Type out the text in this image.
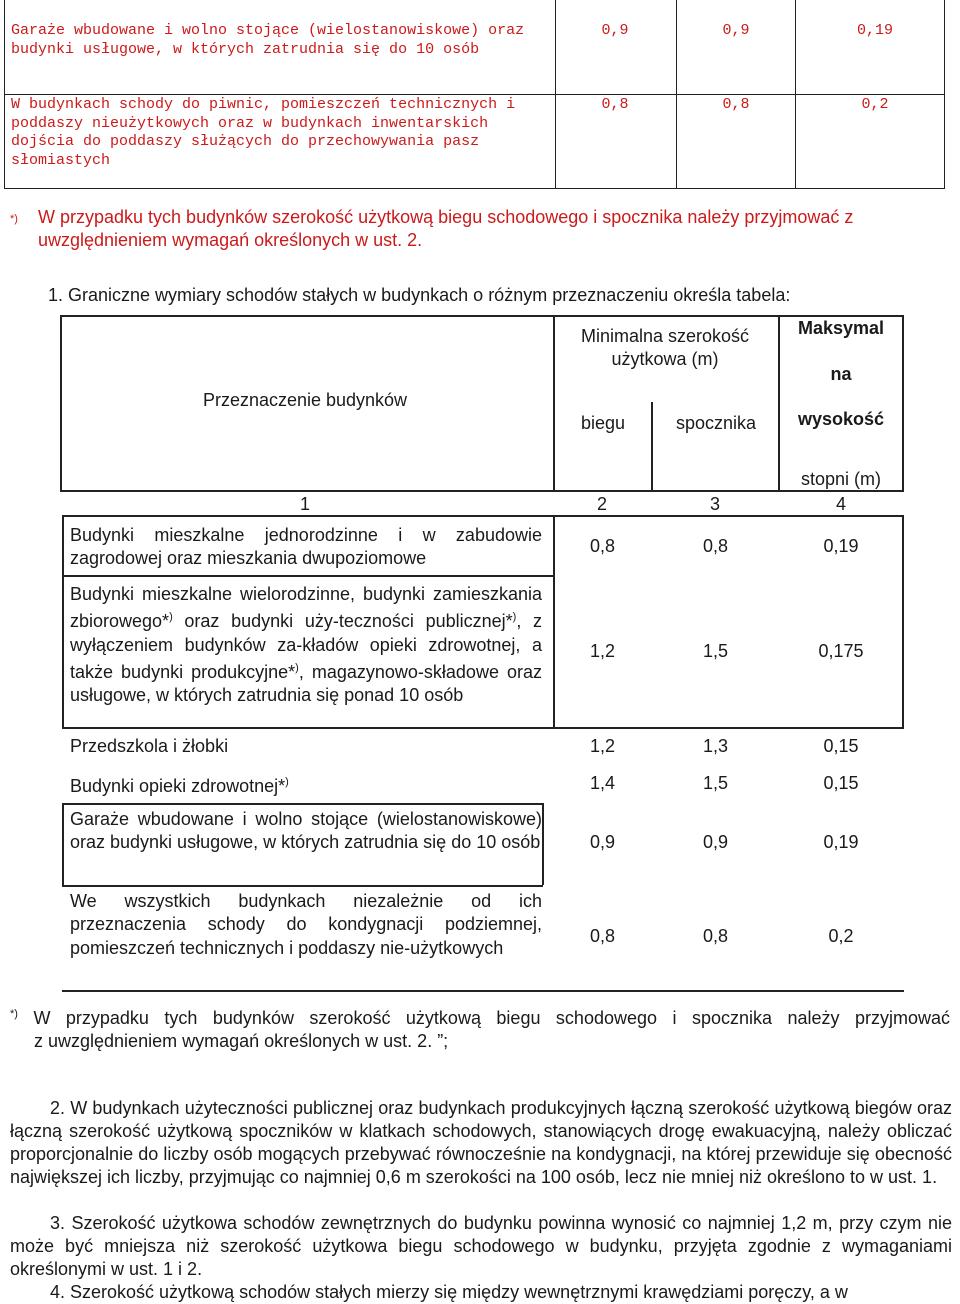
Garaże wbudowane i wolno stojące (wielostanowiskowe) oraz budynki usługowe, w których zatrudnia się do 10 osób
0,9	0,9	0,19
W budynkach schody do piwnic, pomieszczeń technicznych i poddaszy nieużytkowych oraz w budynkach inwentarskich dojścia do poddaszy służących do przechowywania pasz słomiastych
0,8	0,8	0,2
*) W przypadku tych budynków szerokość użytkową biegu schodowego i spocznika należy przyjmować z uwzględnieniem wymagań określonych w ust. 2.
1. Graniczne wymiary schodów stałych w budynkach o różnym przeznaczeniu określa tabela:
Przeznaczenie budynków
Minimalna szerokość użytkowa (m)
biegu	spocznika
Maksymal
na
wysokość
stopni (m)
1	2	3	4
Budynki mieszkalne jednorodzinne i w zabudowie zagrodowej oraz mieszkania dwupoziomowe
0,8	0,8	0,19
Budynki mieszkalne wielorodzinne, budynki zamieszkania zbiorowego*) oraz budynki uży-teczności publicznej*), z wyłączeniem budynków za-kładów opieki zdrowotnej, a także budynki produkcyjne*), magazynowo-składowe oraz usługowe, w których zatrudnia się ponad 10 osób
1,2	1,5	0,175
Przedszkola i żłobki	1,2	1,3	0,15
Budynki opieki zdrowotnej*)	1,4	1,5	0,15
Garaże wbudowane i wolno stojące (wielostanowiskowe) oraz budynki usługowe, w których zatrudnia się do 10 osób	0,9	0,9	0,19
We wszystkich budynkach niezależnie od ich przeznaczenia schody do kondygnacji podziemnej, pomieszczeń technicznych i poddaszy nie-użytkowych
0,8	0,8	0,2
*) W przypadku tych budynków szerokość użytkową biegu schodowego i spocznika należy przyjmować
z uwzględnieniem wymagań określonych w ust. 2. ”;
2. W budynkach użyteczności publicznej oraz budynkach produkcyjnych łączną szerokość użytkową biegów oraz łączną szerokość użytkową spoczników w klatkach schodowych, stanowiących drogę ewakuacyjną, należy obliczać proporcjonalnie do liczby osób mogących przebywać równocześnie na kondygnacji, na której przewiduje się obecność największej ich liczby, przyjmując co najmniej 0,6 m szerokości na 100 osób, lecz nie mniej niż określono to w ust. 1.
3. Szerokość użytkowa schodów zewnętrznych do budynku powinna wynosić co najmniej 1,2 m, przy czym nie może być mniejsza niż szerokość użytkowa biegu schodowego w budynku, przyjęta zgodnie z wymaganiami określonymi w ust. 1 i 2.
4. Szerokość użytkową schodów stałych mierzy się między wewnętrznymi krawędziami poręczy, a w
